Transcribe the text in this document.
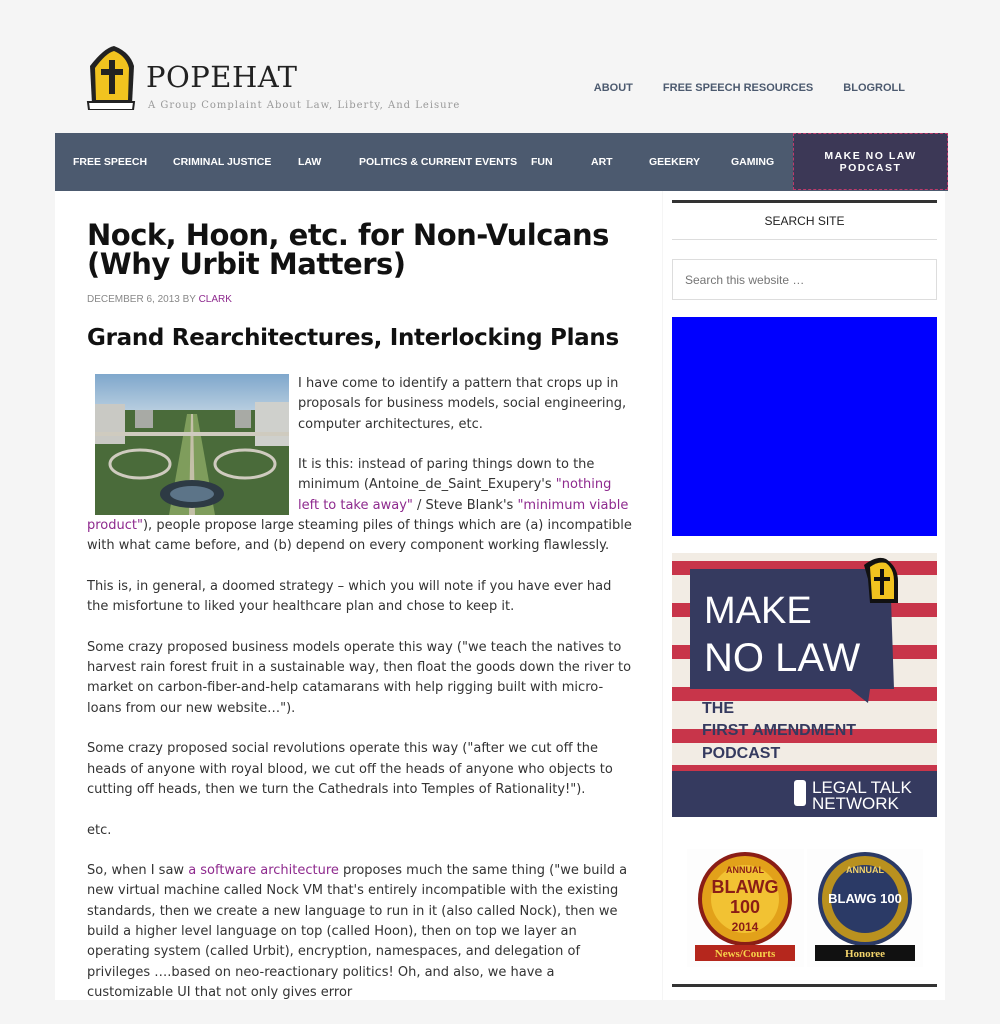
POPEHAT
A Group Complaint About Law, Liberty, And Leisure
ABOUT	FREE SPEECH RESOURCES	BLOGROLL
FREE SPEECH CRIMINAL JUSTICE	LAW	POLITICS & CURRENT EVENTS FUN	ART	GEEKERY	GAMING	MAKE NO LAW
PODCAST
Nock, Hoon, etc. for Non-Vulcans (Why Urbit Matters)
DECEMBER 6, 2013 BY CLARK
Grand Rearchitectures, Interlocking Plans

I have come to identify a pattern that crops up in proposals for business models, social engineering, computer architectures, etc.

It is this: instead of paring things down to the minimum (Antoine_de_Saint_Exupery's "nothing left to take away" / Steve Blank's "minimum viable product"), people propose large steaming piles of things which are (a) incompatible with what came before, and (b) depend on every component working flawlessly.

This is, in general, a doomed strategy – which you will note if you have ever had the misfortune to liked your healthcare plan and chose to keep it.

Some crazy proposed business models operate this way ("we teach the natives to harvest rain forest fruit in a sustainable way, then float the goods down the river to market on carbon-fiber-and-help catamarans with help rigging built with micro-loans from our new website…").

Some crazy proposed social revolutions operate this way ("after we cut off the heads of anyone with royal blood, we cut off the heads of anyone who objects to cutting off heads, then we turn the Cathedrals into Temples of Rationality!").

etc.

So, when I saw a software architecture proposes much the same thing ("we build a new virtual machine called Nock VM that's entirely incompatible with the existing standards, then we create a new language to run in it (also called Nock), then we build a higher level language on top (called Hoon), then on top we layer an operating system (called Urbit), encryption, namespaces, and delegation of privileges ….based on neo-reactionary politics! Oh, and also, we have a customizable UI that not only gives error

SEARCH SITE
Search this website …
MAKE
NO LAW
THE
FIRST AMENDMENT
PODCAST
LEGAL TALK
NETWORK
ANNUAL
BLAWG
100
2014
News/Courts
ANNUAL
BLAWG 100
Honoree
